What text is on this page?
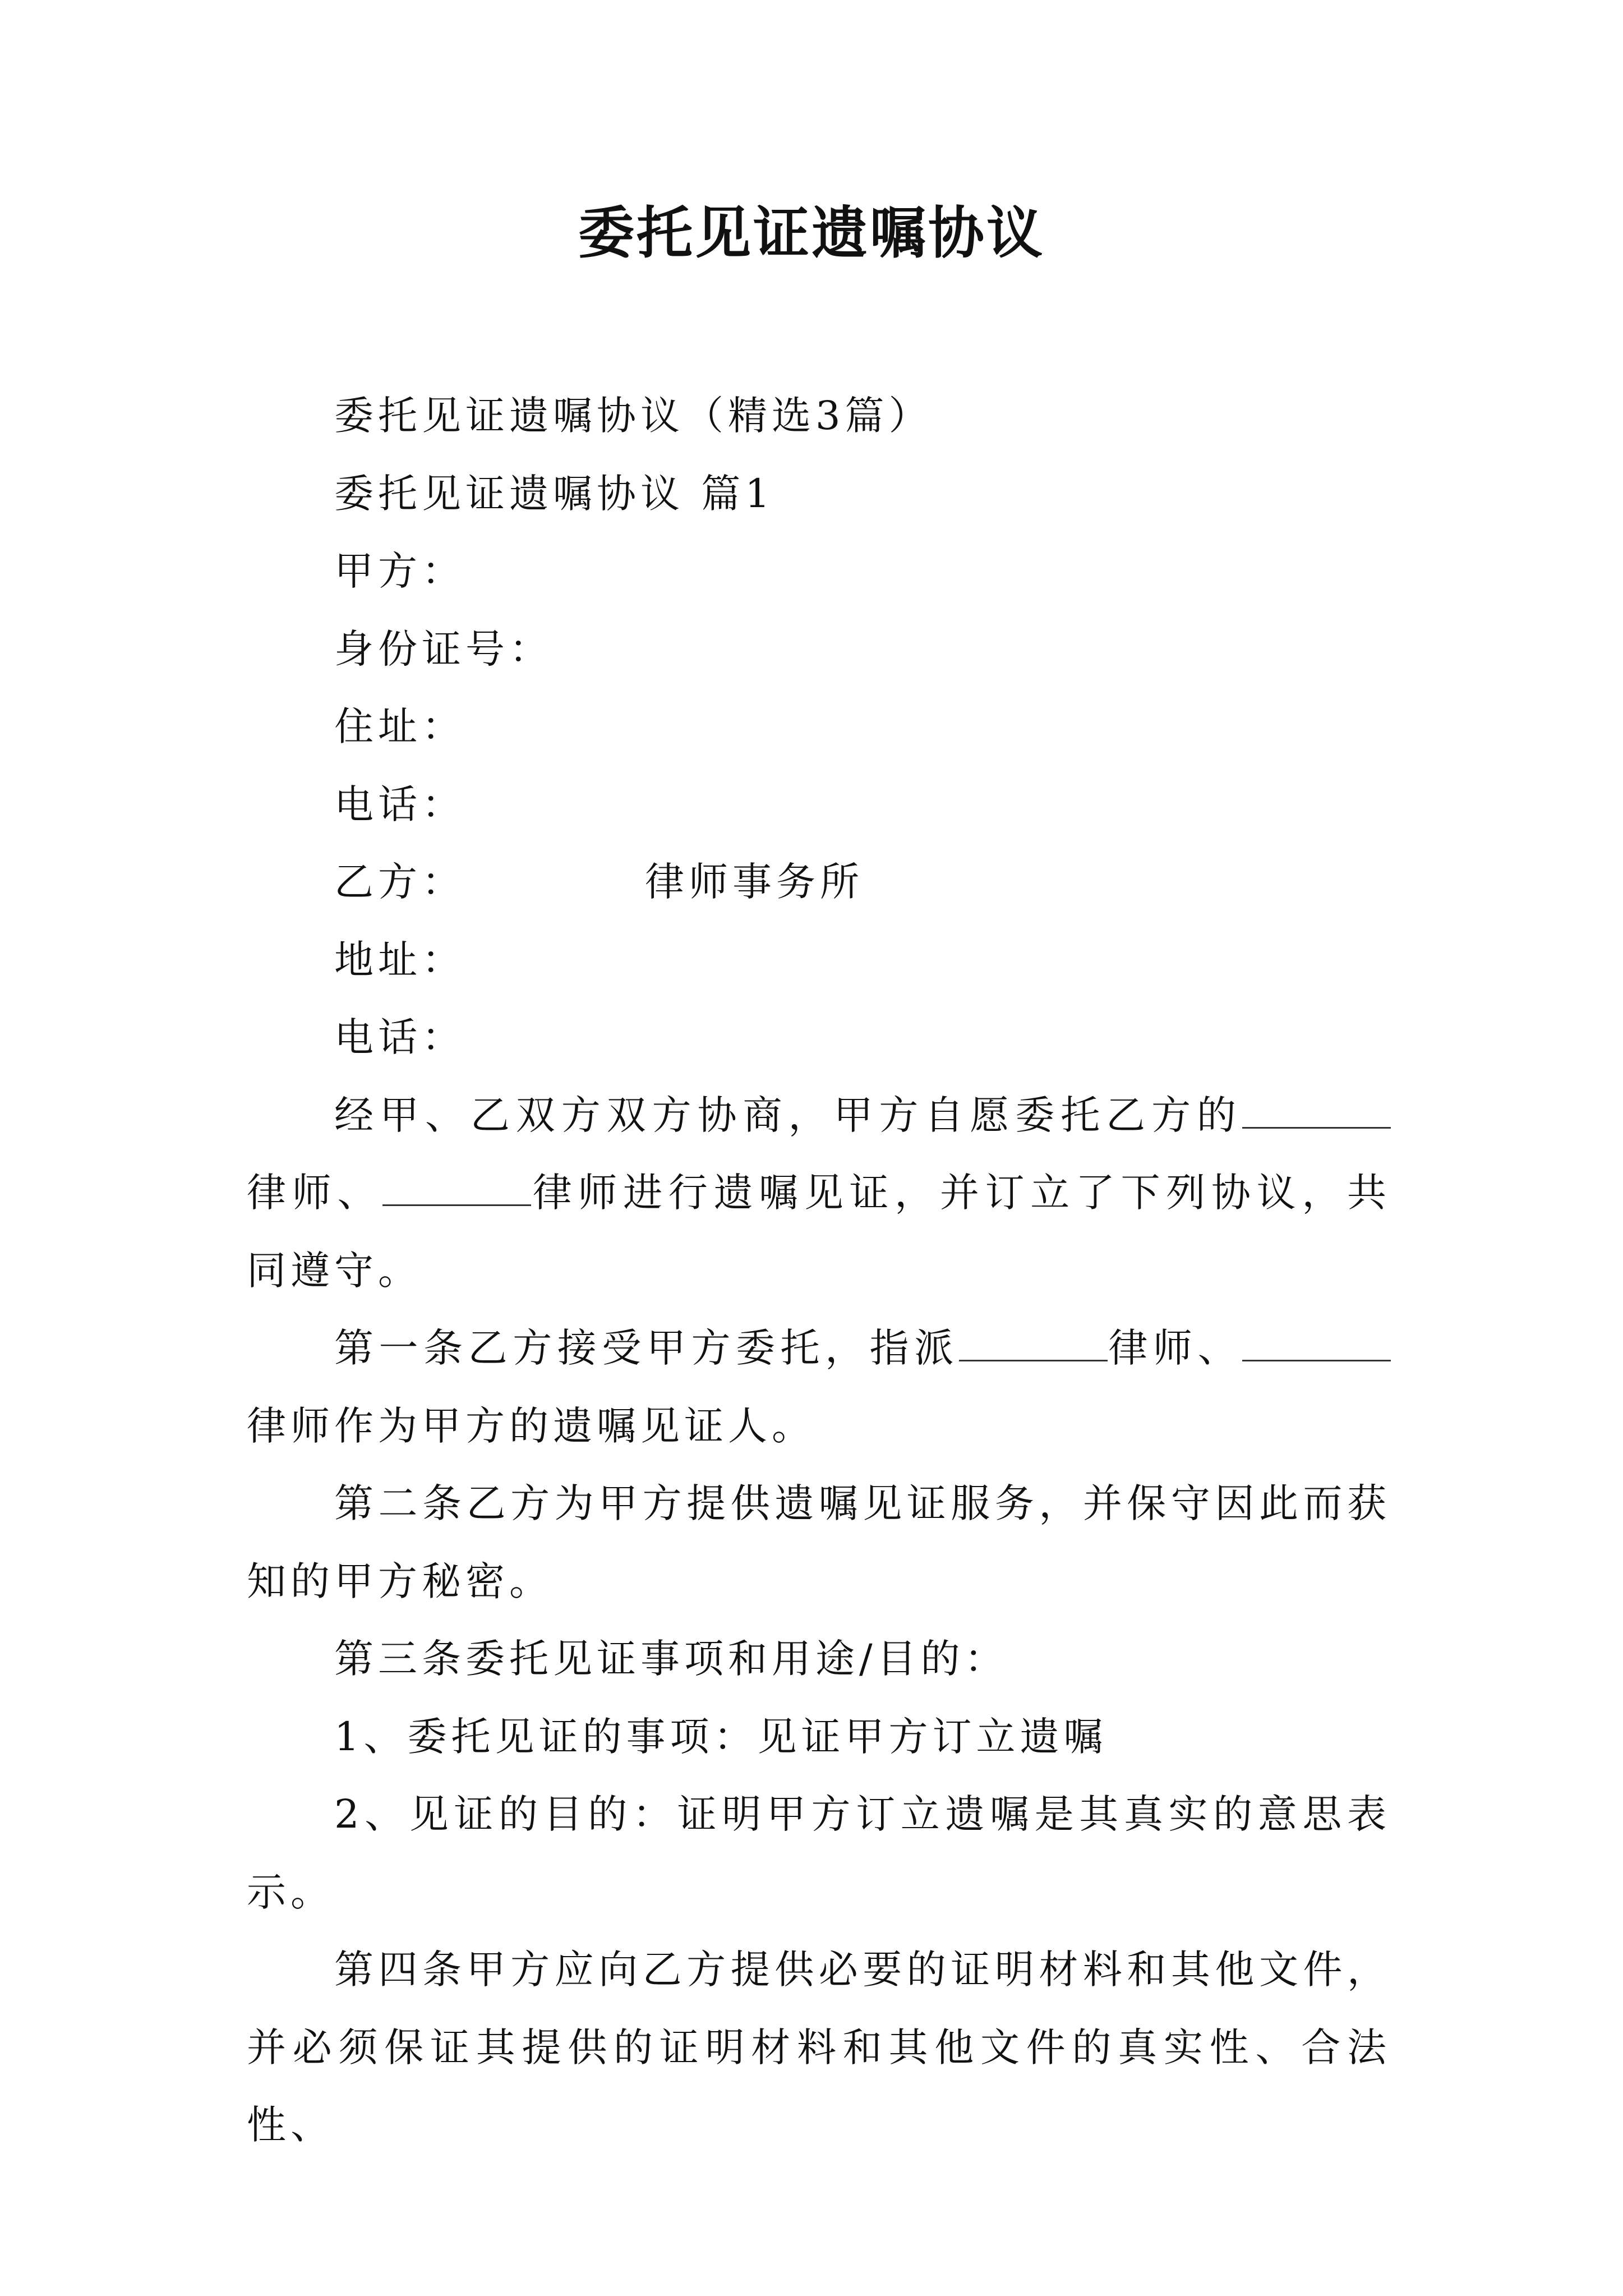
委托见证遗嘱协议
委托见证遗嘱协议（精选3篇）
委托见证遗嘱协议 篇1
甲方：
身份证号：
住址：
电话：
乙方：	律师事务所
地址：
电话：
经甲、乙双方双方协商，甲方自愿委托乙方的律师、	律师进行遗嘱见证，并订立了下列协议，共同遵守。
第一条乙方接受甲方委托，指派	律师、律师作为甲方的遗嘱见证人。
第二条乙方为甲方提供遗嘱见证服务，并保守因此而获知的甲方秘密。
第三条委托见证事项和用途/目的：
1、委托见证的事项：见证甲方订立遗嘱
2、见证的目的：证明甲方订立遗嘱是其真实的意思表示。
第四条甲方应向乙方提供必要的证明材料和其他文件，并必须保证其提供的证明材料和其他文件的真实性、合法性、
